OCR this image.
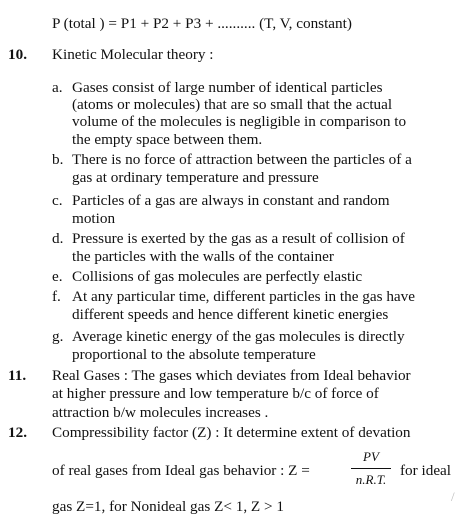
P (total ) = P1 + P2 + P3 + .......... (T, V, constant)
10. Kinetic Molecular theory :
a. Gases consist of large number of identical particles
(atoms or molecules) that are so small that the actual
volume of the molecules is negligible in comparison to
the empty space between them.
b. There is no force of attraction between the particles of a
gas at ordinary temperature and pressure
c. Particles of a gas are always in constant and random
motion
d. Pressure is exerted by the gas as a result of collision of
the particles with the walls of the container
e. Collisions of gas molecules are perfectly elastic
f. At any particular time, different particles in the gas have
different speeds and hence different kinetic energies
g. Average kinetic energy of the gas molecules is directly
proportional to the absolute temperature
11. Real Gases : The gases which deviates from Ideal behavior
at higher pressure and low temperature b/c of force of
attraction b/w molecules increases .
12. Compressibility factor (Z) : It determine extent of devation
of real gases from Ideal gas behavior : Z =
PV
n.R.T.
for ideal
gas Z=1, for Nonideal gas Z< 1, Z > 1
/
